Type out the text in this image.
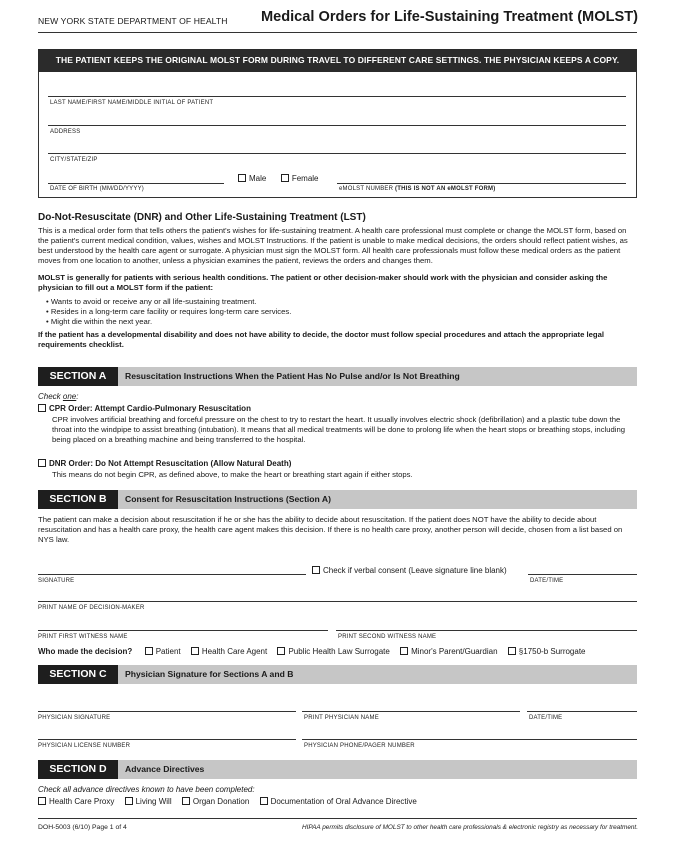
NEW YORK STATE DEPARTMENT OF HEALTH Medical Orders for Life-Sustaining Treatment (MOLST)
THE PATIENT KEEPS THE ORIGINAL MOLST FORM DURING TRAVEL TO DIFFERENT CARE SETTINGS. THE PHYSICIAN KEEPS A COPY.
LAST NAME/FIRST NAME/MIDDLE INITIAL OF PATIENT
ADDRESS
CITY/STATE/ZIP
DATE OF BIRTH (MM/DD/YYYY)
Male	Female
eMOLST NUMBER (THIS IS NOT AN eMOLST FORM)
Do-Not-Resuscitate (DNR) and Other Life-Sustaining Treatment (LST)
This is a medical order form that tells others the patient's wishes for life-sustaining treatment. A health care professional must complete or change the MOLST form, based on the patient's current medical condition, values, wishes and MOLST Instructions. If the patient is unable to make medical decisions, the orders should reflect patient wishes, as best understood by the health care agent or surrogate. A physician must sign the MOLST form. All health care professionals must follow these medical orders as the patient moves from one location to another, unless a physician examines the patient, reviews the orders and changes them.
MOLST is generally for patients with serious health conditions. The patient or other decision-maker should work with the physician and consider asking the physician to fill out a MOLST form if the patient:
• Wants to avoid or receive any or all life-sustaining treatment.
• Resides in a long-term care facility or requires long-term care services.
• Might die within the next year.
If the patient has a developmental disability and does not have ability to decide, the doctor must follow special procedures and attach the appropriate legal requirements checklist.
SECTION A	Resuscitation Instructions When the Patient Has No Pulse and/or Is Not Breathing
Check one:
CPR Order: Attempt Cardio-Pulmonary Resuscitation
CPR involves artificial breathing and forceful pressure on the chest to try to restart the heart. It usually involves electric shock (defibrillation) and a plastic tube down the throat into the windpipe to assist breathing (intubation). It means that all medical treatments will be done to prolong life when the heart stops or breathing stops, including being placed on a breathing machine and being transferred to the hospital.
DNR Order: Do Not Attempt Resuscitation (Allow Natural Death)
This means do not begin CPR, as defined above, to make the heart or breathing start again if either stops.
SECTION B	Consent for Resuscitation Instructions (Section A)
The patient can make a decision about resuscitation if he or she has the ability to decide about resuscitation. If the patient does NOT have the ability to decide about resuscitation and has a health care proxy, the health care agent makes this decision. If there is no health care proxy, another person will decide, chosen from a list based on NYS law.
Check if verbal consent (Leave signature line blank)
SIGNATURE	DATE/TIME
PRINT NAME OF DECISION-MAKER
PRINT FIRST WITNESS NAME	PRINT SECOND WITNESS NAME
Who made the decision?	Patient	Health Care Agent	Public Health Law Surrogate	Minor's Parent/Guardian	§1750-b Surrogate
SECTION C	Physician Signature for Sections A and B
PHYSICIAN SIGNATURE	PRINT PHYSICIAN NAME	DATE/TIME
PHYSICIAN LICENSE NUMBER	PHYSICIAN PHONE/PAGER NUMBER
SECTION D	Advance Directives
Check all advance directives known to have been completed:
Health Care Proxy	Living Will	Organ Donation	Documentation of Oral Advance Directive
DOH-5003 (6/10) Page 1 of 4	HIPAA permits disclosure of MOLST to other health care professionals & electronic registry as necessary for treatment.
